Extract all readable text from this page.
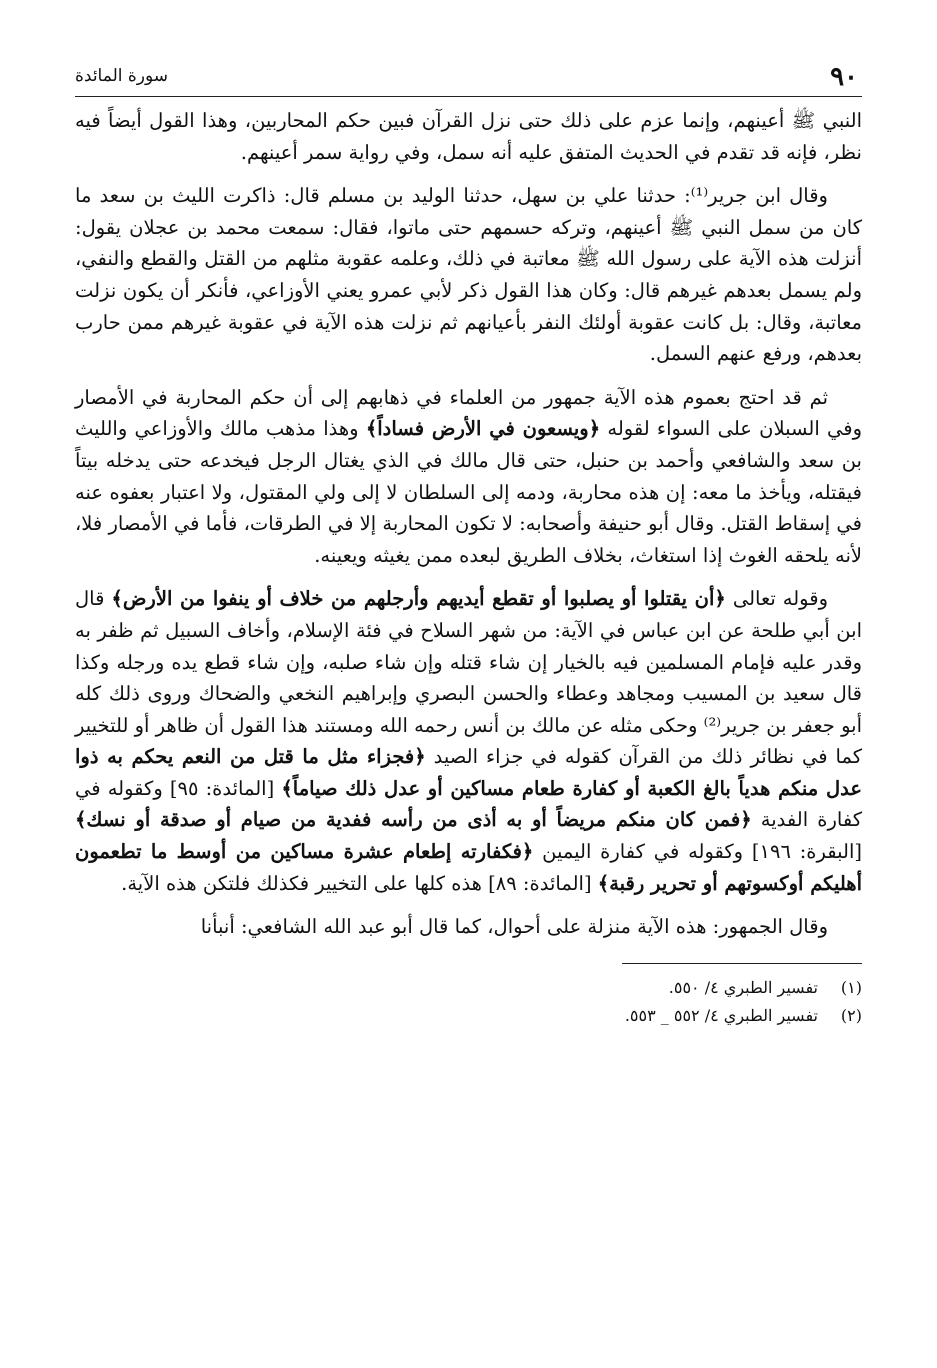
٩٠
سورة المائدة

النبي ﷺ أعينهم، وإنما عزم على ذلك حتى نزل القرآن فبين حكم المحاربين، وهذا القول أيضاً فيه نظر، فإنه قد تقدم في الحديث المتفق عليه أنه سمل، وفي رواية سمر أعينهم.

وقال ابن جرير⁽¹⁾: حدثنا علي بن سهل، حدثنا الوليد بن مسلم قال: ذاكرت الليث بن سعد ما كان من سمل النبي ﷺ أعينهم، وتركه حسمهم حتى ماتوا، فقال: سمعت محمد بن عجلان يقول: أنزلت هذه الآية على رسول الله ﷺ معاتبة في ذلك، وعلمه عقوبة مثلهم من القتل والقطع والنفي، ولم يسمل بعدهم غيرهم قال: وكان هذا القول ذكر لأبي عمرو يعني الأوزاعي، فأنكر أن يكون نزلت معاتبة، وقال: بل كانت عقوبة أولئك النفر بأعيانهم ثم نزلت هذه الآية في عقوبة غيرهم ممن حارب بعدهم، ورفع عنهم السمل.

ثم قد احتج بعموم هذه الآية جمهور من العلماء في ذهابهم إلى أن حكم المحاربة في الأمصار وفي السبلان على السواء لقوله ﴿ويسعون في الأرض فساداً﴾ وهذا مذهب مالك والأوزاعي والليث بن سعد والشافعي وأحمد بن حنبل، حتى قال مالك في الذي يغتال الرجل فيخدعه حتى يدخله بيتاً فيقتله، ويأخذ ما معه: إن هذه محاربة، ودمه إلى السلطان لا إلى ولي المقتول، ولا اعتبار بعفوه عنه في إسقاط القتل. وقال أبو حنيفة وأصحابه: لا تكون المحاربة إلا في الطرقات، فأما في الأمصار فلا، لأنه يلحقه الغوث إذا استغاث، بخلاف الطريق لبعده ممن يغيثه ويعينه.

وقوله تعالى ﴿أن يقتلوا أو يصلبوا أو تقطع أيديهم وأرجلهم من خلاف أو ينفوا من الأرض﴾ قال ابن أبي طلحة عن ابن عباس في الآية: من شهر السلاح في فئة الإسلام، وأخاف السبيل ثم ظفر به وقدر عليه فإمام المسلمين فيه بالخيار إن شاء قتله وإن شاء صلبه، وإن شاء قطع يده ورجله وكذا قال سعيد بن المسيب ومجاهد وعطاء والحسن البصري وإبراهيم النخعي والضحاك وروى ذلك كله أبو جعفر بن جرير⁽²⁾ وحكى مثله عن مالك بن أنس رحمه الله ومستند هذا القول أن ظاهر أو للتخيير كما في نظائر ذلك من القرآن كقوله في جزاء الصيد ﴿فجزاء مثل ما قتل من النعم يحكم به ذوا عدل منكم هدياً بالغ الكعبة أو كفارة طعام مساكين أو عدل ذلك صياماً﴾ [المائدة: ٩٥] وكقوله في كفارة الفدية ﴿فمن كان منكم مريضاً أو به أذى من رأسه ففدية من صيام أو صدقة أو نسك﴾ [البقرة: ١٩٦] وكقوله في كفارة اليمين ﴿فكفارته إطعام عشرة مساكين من أوسط ما تطعمون أهليكم أوكسوتهم أو تحرير رقبة﴾ [المائدة: ٨٩] هذه كلها على التخيير فكذلك فلتكن هذه الآية.

وقال الجمهور: هذه الآية منزلة على أحوال، كما قال أبو عبد الله الشافعي: أنبأنا

(١)
تفسير الطبري ٤/ ٥٥٠.
(٢)
تفسير الطبري ٤/ ٥٥٢ _ ٥٥٣.
